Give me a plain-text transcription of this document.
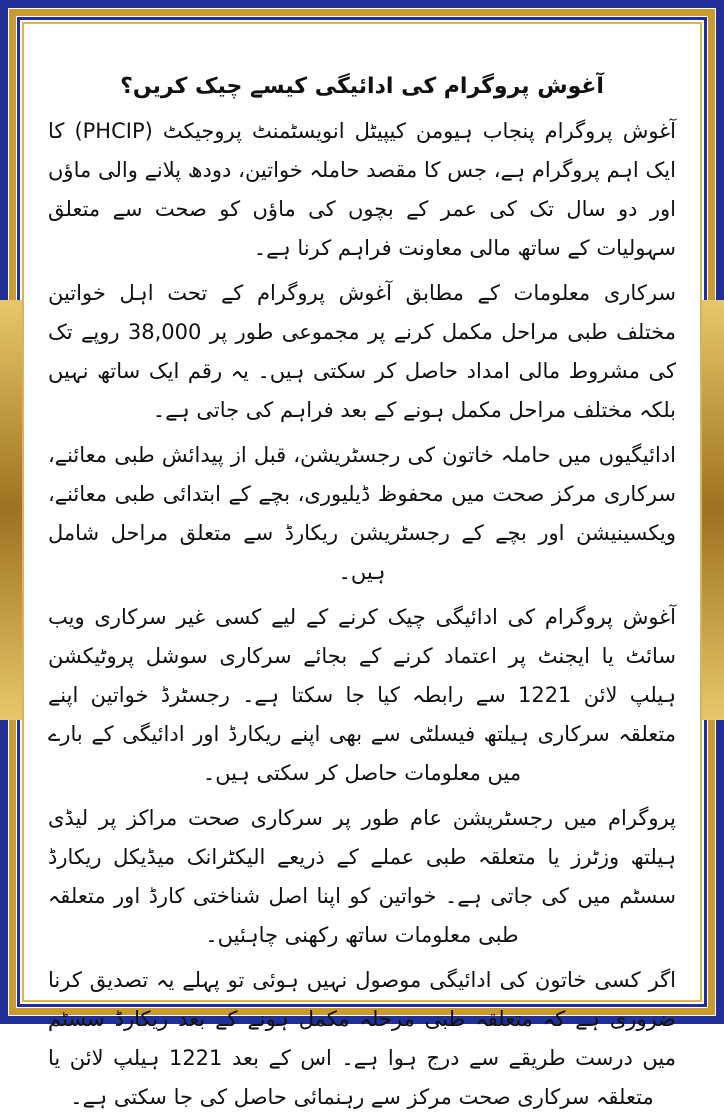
آغوش پروگرام کی ادائیگی کیسے چیک کریں؟

آغوش پروگرام پنجاب ہیومن کیپیٹل انویسٹمنٹ پروجیکٹ (PHCIP) کا ایک اہم پروگرام ہے، جس کا مقصد حاملہ خواتین، دودھ پلانے والی ماؤں اور دو سال تک کی عمر کے بچوں کی ماؤں کو صحت سے متعلق سہولیات کے ساتھ مالی معاونت فراہم کرنا ہے۔

سرکاری معلومات کے مطابق آغوش پروگرام کے تحت اہل خواتین مختلف طبی مراحل مکمل کرنے پر مجموعی طور پر 38,000 روپے تک کی مشروط مالی امداد حاصل کر سکتی ہیں۔ یہ رقم ایک ساتھ نہیں بلکہ مختلف مراحل مکمل ہونے کے بعد فراہم کی جاتی ہے۔

ادائیگیوں میں حاملہ خاتون کی رجسٹریشن، قبل از پیدائش طبی معائنے، سرکاری مرکز صحت میں محفوظ ڈیلیوری، بچے کے ابتدائی طبی معائنے، ویکسینیشن اور بچے کے رجسٹریشن ریکارڈ سے متعلق مراحل شامل ہیں۔

آغوش پروگرام کی ادائیگی چیک کرنے کے لیے کسی غیر سرکاری ویب سائٹ یا ایجنٹ پر اعتماد کرنے کے بجائے سرکاری سوشل پروٹیکشن ہیلپ لائن 1221 سے رابطہ کیا جا سکتا ہے۔ رجسٹرڈ خواتین اپنے متعلقہ سرکاری ہیلتھ فیسلٹی سے بھی اپنے ریکارڈ اور ادائیگی کے بارے میں معلومات حاصل کر سکتی ہیں۔

پروگرام میں رجسٹریشن عام طور پر سرکاری صحت مراکز پر لیڈی ہیلتھ وزٹرز یا متعلقہ طبی عملے کے ذریعے الیکٹرانک میڈیکل ریکارڈ سسٹم میں کی جاتی ہے۔ خواتین کو اپنا اصل شناختی کارڈ اور متعلقہ طبی معلومات ساتھ رکھنی چاہئیں۔

اگر کسی خاتون کی ادائیگی موصول نہیں ہوئی تو پہلے یہ تصدیق کرنا ضروری ہے کہ متعلقہ طبی مرحلہ مکمل ہونے کے بعد ریکارڈ سسٹم میں درست طریقے سے درج ہوا ہے۔ اس کے بعد 1221 ہیلپ لائن یا متعلقہ سرکاری صحت مرکز سے رہنمائی حاصل کی جا سکتی ہے۔
